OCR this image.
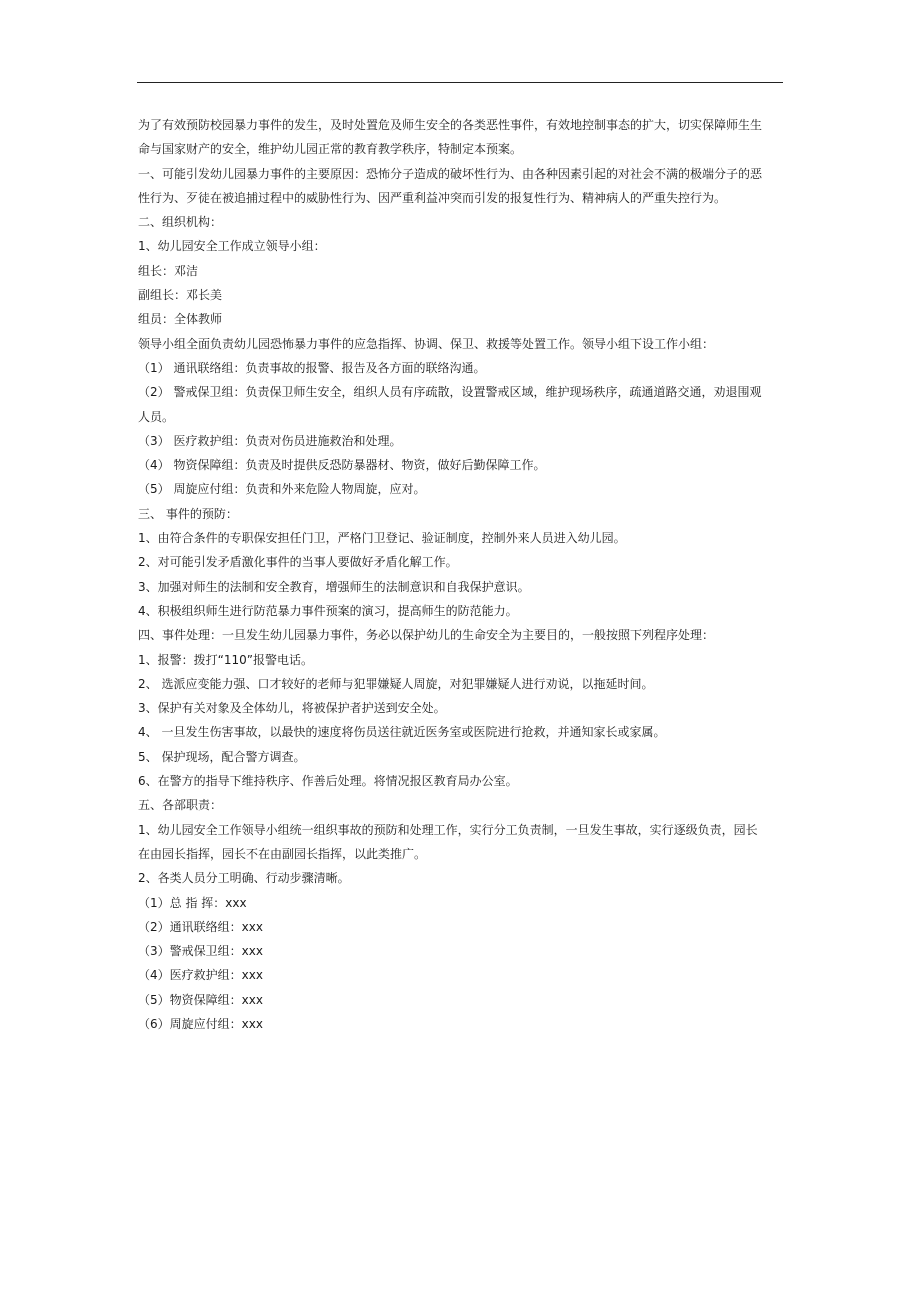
为了有效预防校园暴力事件的发生，及时处置危及师生安全的各类恶性事件，有效地控制事态的扩大，切实保障师生生
命与国家财产的安全，维护幼儿园正常的教育教学秩序，特制定本预案。
一、可能引发幼儿园暴力事件的主要原因：恐怖分子造成的破坏性行为、由各种因素引起的对社会不满的极端分子的恶
性行为、歹徒在被追捕过程中的威胁性行为、因严重利益冲突而引发的报复性行为、精神病人的严重失控行为。
二、组织机构：
1、幼儿园安全工作成立领导小组：
组长：邓洁
副组长：邓长美
组员：全体教师
领导小组全面负责幼儿园恐怖暴力事件的应急指挥、协调、保卫、救援等处置工作。领导小组下设工作小组：
（1） 通讯联络组：负责事故的报警、报告及各方面的联络沟通。
（2） 警戒保卫组：负责保卫师生安全，组织人员有序疏散，设置警戒区域，维护现场秩序，疏通道路交通，劝退围观
人员。
（3） 医疗救护组：负责对伤员进施救治和处理。
（4） 物资保障组：负责及时提供反恐防暴器材、物资，做好后勤保障工作。
（5） 周旋应付组：负责和外来危险人物周旋，应对。
三、 事件的预防：
1、由符合条件的专职保安担任门卫，严格门卫登记、验证制度，控制外来人员进入幼儿园。
2、对可能引发矛盾激化事件的当事人要做好矛盾化解工作。
3、加强对师生的法制和安全教育，增强师生的法制意识和自我保护意识。
4、积极组织师生进行防范暴力事件预案的演习，提高师生的防范能力。
四、事件处理：一旦发生幼儿园暴力事件，务必以保护幼儿的生命安全为主要目的，一般按照下列程序处理：
1、报警：拨打“110”报警电话。
2、 选派应变能力强、口才较好的老师与犯罪嫌疑人周旋，对犯罪嫌疑人进行劝说，以拖延时间。
3、保护有关对象及全体幼儿，将被保护者护送到安全处。
4、 一旦发生伤害事故，以最快的速度将伤员送往就近医务室或医院进行抢救，并通知家长或家属。
5、 保护现场，配合警方调查。
6、在警方的指导下维持秩序、作善后处理。将情况报区教育局办公室。
五、各部职责：
1、幼儿园安全工作领导小组统一组织事故的预防和处理工作，实行分工负责制，一旦发生事故，实行逐级负责，园长
在由园长指挥，园长不在由副园长指挥，以此类推广。
2、各类人员分工明确、行动步骤清晰。
（1）总 指 挥：xxx
（2）通讯联络组：xxx
（3）警戒保卫组：xxx
（4）医疗救护组：xxx
（5）物资保障组：xxx
（6）周旋应付组：xxx
